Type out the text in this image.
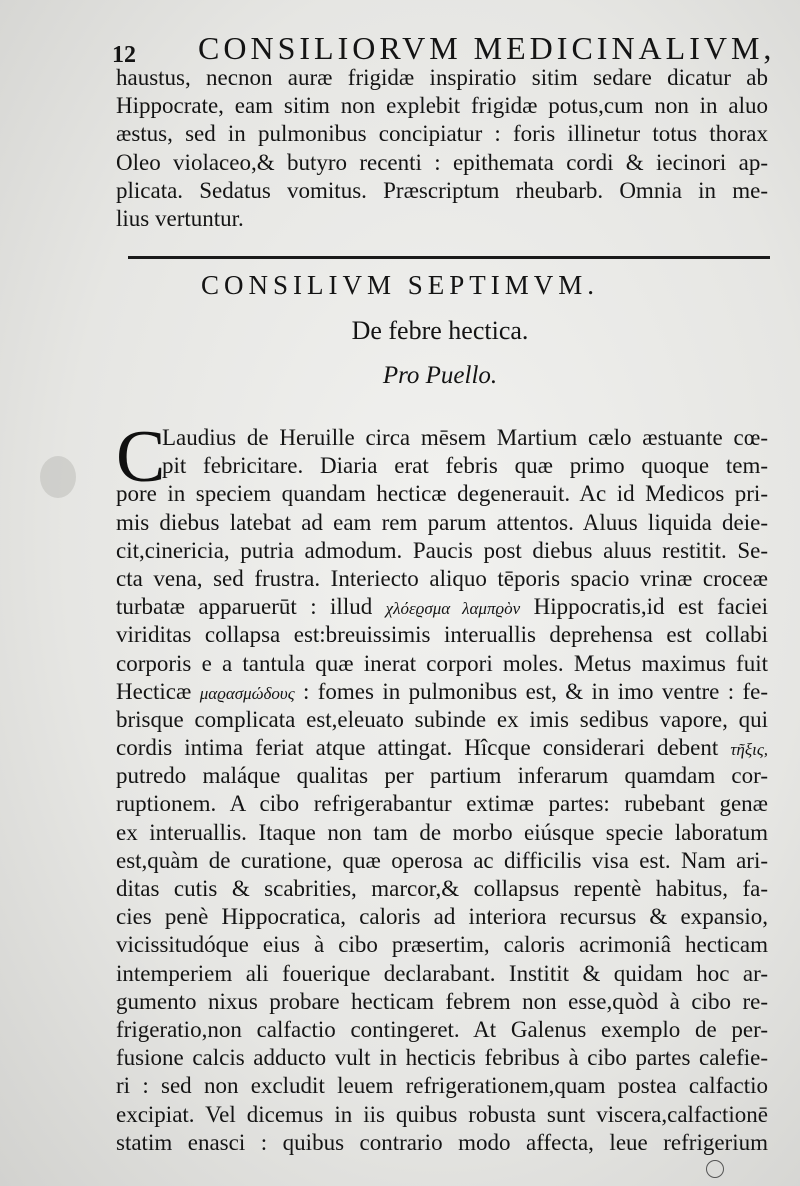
12 CONSILIORVM MEDICINALIVM,
haustus, necnon auræ frigidæ inspiratio sitim sedare dicatur ab
Hippocrate, eam sitim non explebit frigidæ potus,cum non in aluo
æstus, sed in pulmonibus concipiatur : foris illinetur totus thorax
Oleo violaceo,& butyro recenti : epithemata cordi & iecinori ap-
plicata. Sedatus vomitus. Præscriptum rheubarb. Omnia in me-
lius vertuntur.
CONSILIVM SEPTIMVM.
De febre hectica.
Pro Puello.
C
Laudius de Heruille circa mēsem Martium cælo æstuante cœ-
pit febricitare. Diaria erat febris quæ primo quoque tem-
pore in speciem quandam hecticæ degenerauit. Ac id Medicos pri-
mis diebus latebat ad eam rem parum attentos. Aluus liquida deie-
cit,cinericia, putria admodum. Paucis post diebus aluus restitit. Se-
cta vena, sed frustra. Interiecto aliquo tēporis spacio vrinæ croceæ
turbatæ apparuerūt : illud χλόεϱσμα λαμπϱὸν Hippocratis,id est faciei
viriditas collapsa est:breuissimis interuallis deprehensa est collabi
corporis e a tantula quæ inerat corpori moles. Metus maximus fuit
Hecticæ μαϱασμώδους : fomes in pulmonibus est, & in imo ventre : fe-
brisque complicata est,eleuato subinde ex imis sedibus vapore, qui
cordis intima feriat atque attingat. Hîcque considerari debent τῆξις,
putredo maláque qualitas per partium inferarum quamdam cor-
ruptionem. A cibo refrigerabantur extimæ partes: rubebant genæ
ex interuallis. Itaque non tam de morbo eiúsque specie laboratum
est,quàm de curatione, quæ operosa ac difficilis visa est. Nam ari-
ditas cutis & scabrities, marcor,& collapsus repentè habitus, fa-
cies penè Hippocratica, caloris ad interiora recursus & expansio,
vicissitudóque eius à cibo præsertim, caloris acrimoniâ hecticam
intemperiem ali fouerique declarabant. Institit & quidam hoc ar-
gumento nixus probare hecticam febrem non esse,quòd à cibo re-
frigeratio,non calfactio contingeret. At Galenus exemplo de per-
fusione calcis adducto vult in hecticis febribus à cibo partes calefie-
ri : sed non excludit leuem refrigerationem,quam postea calfactio
excipiat. Vel dicemus in iis quibus robusta sunt viscera,calfactionē
statim enasci : quibus contrario modo affecta, leue refrigerium
